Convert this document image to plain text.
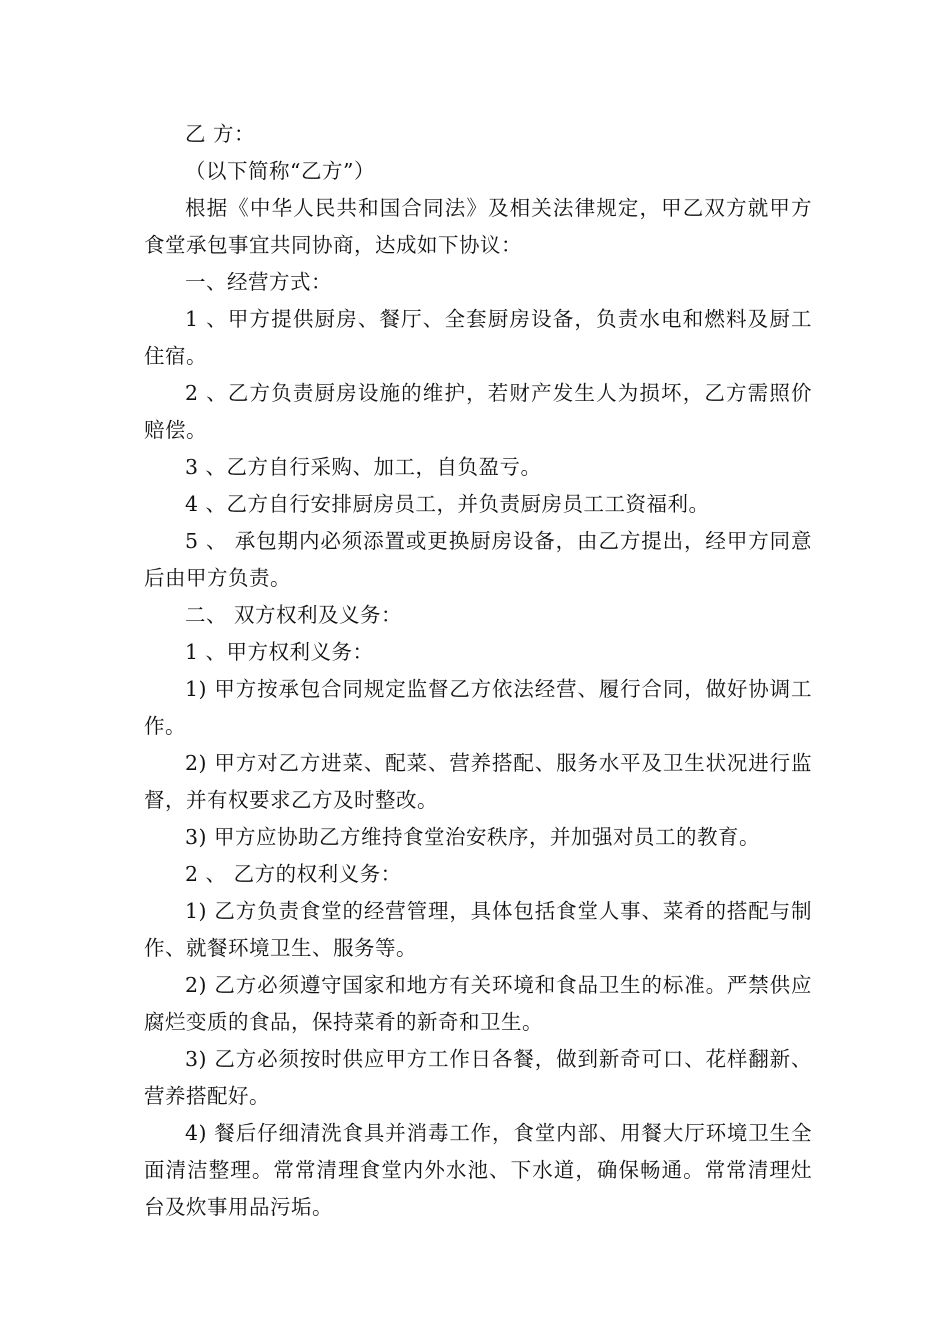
乙 方：

（以下简称“乙方”）

根据《中华人民共和国合同法》及相关法律规定，甲乙双方就甲方食堂承包事宜共同协商，达成如下协议：

一、经营方式：

1 、甲方提供厨房、餐厅、全套厨房设备，负责水电和燃料及厨工住宿。

2 、乙方负责厨房设施的维护，若财产发生人为损坏，乙方需照价赔偿。

3 、乙方自行采购、加工，自负盈亏。

4 、乙方自行安排厨房员工，并负责厨房员工工资福利。

5 、 承包期内必须添置或更换厨房设备，由乙方提出，经甲方同意后由甲方负责。

二、 双方权利及义务：

1 、甲方权利义务：

1) 甲方按承包合同规定监督乙方依法经营、履行合同，做好协调工作。

2) 甲方对乙方进菜、配菜、营养搭配、服务水平及卫生状况进行监督，并有权要求乙方及时整改。

3) 甲方应协助乙方维持食堂治安秩序，并加强对员工的教育。

2 、 乙方的权利义务：

1) 乙方负责食堂的经营管理，具体包括食堂人事、菜肴的搭配与制作、就餐环境卫生、服务等。

2) 乙方必须遵守国家和地方有关环境和食品卫生的标准。严禁供应腐烂变质的食品，保持菜肴的新奇和卫生。

3) 乙方必须按时供应甲方工作日各餐，做到新奇可口、花样翻新、营养搭配好。

4) 餐后仔细清洗食具并消毒工作，食堂内部、用餐大厅环境卫生全面清洁整理。常常清理食堂内外水池、下水道，确保畅通。常常清理灶台及炊事用品污垢。
